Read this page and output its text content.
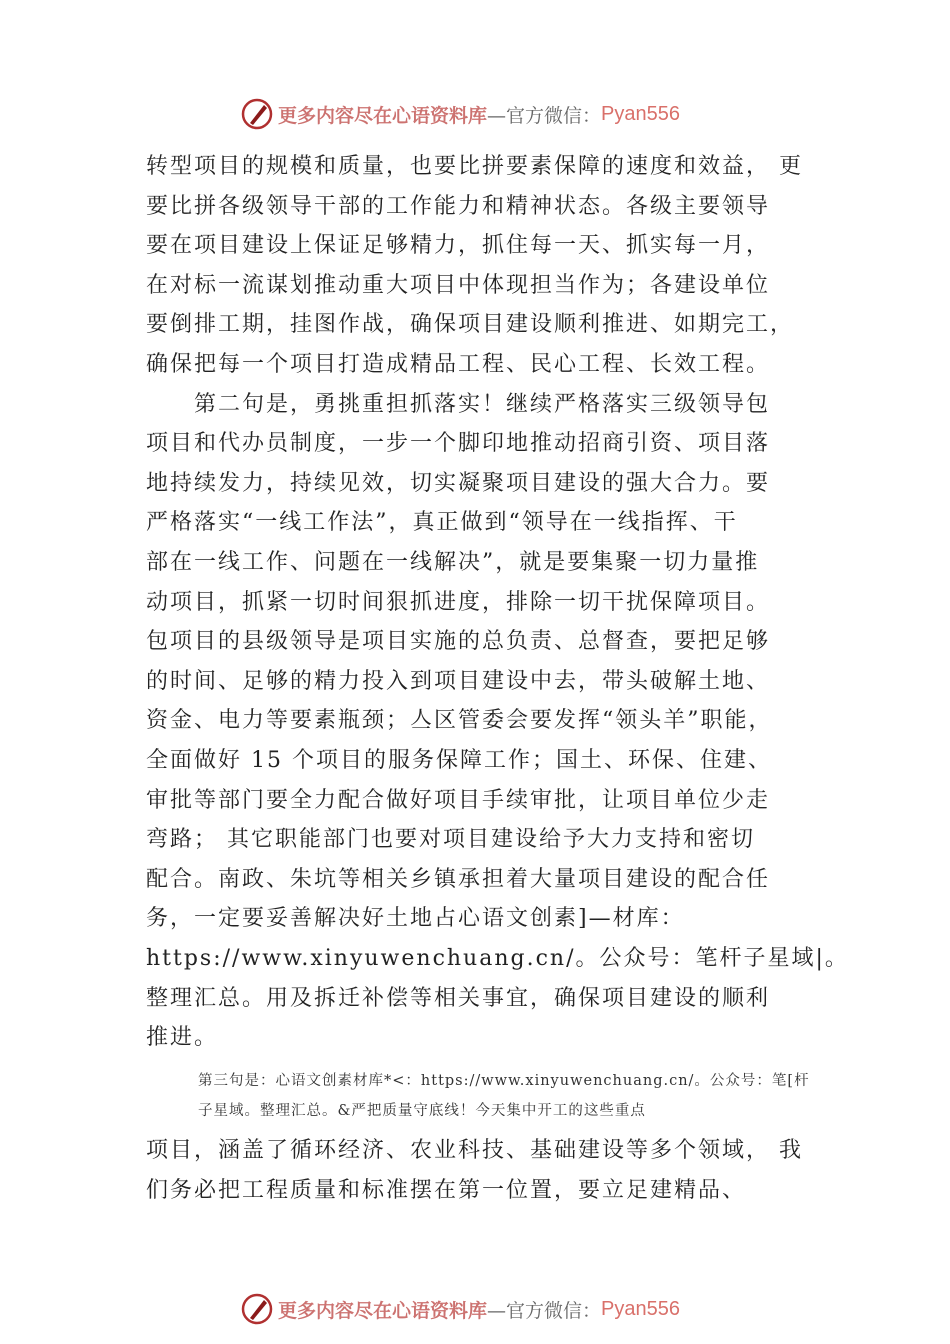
更多内容尽在心语资料库 —官方微信： Pyan556
转型项目的规模和质量，也要比拼要素保障的速度和效益， 更
要比拼各级领导干部的工作能力和精神状态。各级主要领导
要在项目建设上保证足够精力，抓住每一天、抓实每一月，
在对标一流谋划推动重大项目中体现担当作为；各建设单位
要倒排工期，挂图作战，确保项目建设顺利推进、如期完工，
确保把每一个项目打造成精品工程、民心工程、长效工程。
　　第二句是，勇挑重担抓落实！继续严格落实三级领导包
项目和代办员制度，一步一个脚印地推动招商引资、项目落
地持续发力，持续见效，切实凝聚项目建设的强大合力。要
严格落实“一线工作法”，真正做到“领导在一线指挥、干
部在一线工作、问题在一线解决”，就是要集聚一切力量推
动项目，抓紧一切时间狠抓进度，排除一切干扰保障项目。
包项目的县级领导是项目实施的总负责、总督查，要把足够
的时间、足够的精力投入到项目建设中去，带头破解土地、
资金、电力等要素瓶颈；亼区管委会要发挥“领头羊”职能，
全面做好 15 个项目的服务保障工作；国土、环保、住建、
审批等部门要全力配合做好项目手续审批，让项目单位少走
弯路； 其它职能部门也要对项目建设给予大力支持和密切
配合。南政、朱坑等相关乡镇承担着大量项目建设的配合任
务，一定要妥善解决好土地占心语文创素]—材库：
https://www.xinyuwenchuang.cn/。公众号：笔杆子星域|。
整理汇总。用及拆迁补偿等相关事宜，确保项目建设的顺利
推进。
第三句是：心语文创素材库*<：https://www.xinyuwenchuang.cn/。公众号：笔[杆
子星域。整理汇总。&严把质量守底线！今天集中开工的这些重点
项目，涵盖了循环经济、农业科技、基础建设等多个领域， 我
们务必把工程质量和标准摆在第一位置，要立足建精品、
更多内容尽在心语资料库 —官方微信： Pyan556
